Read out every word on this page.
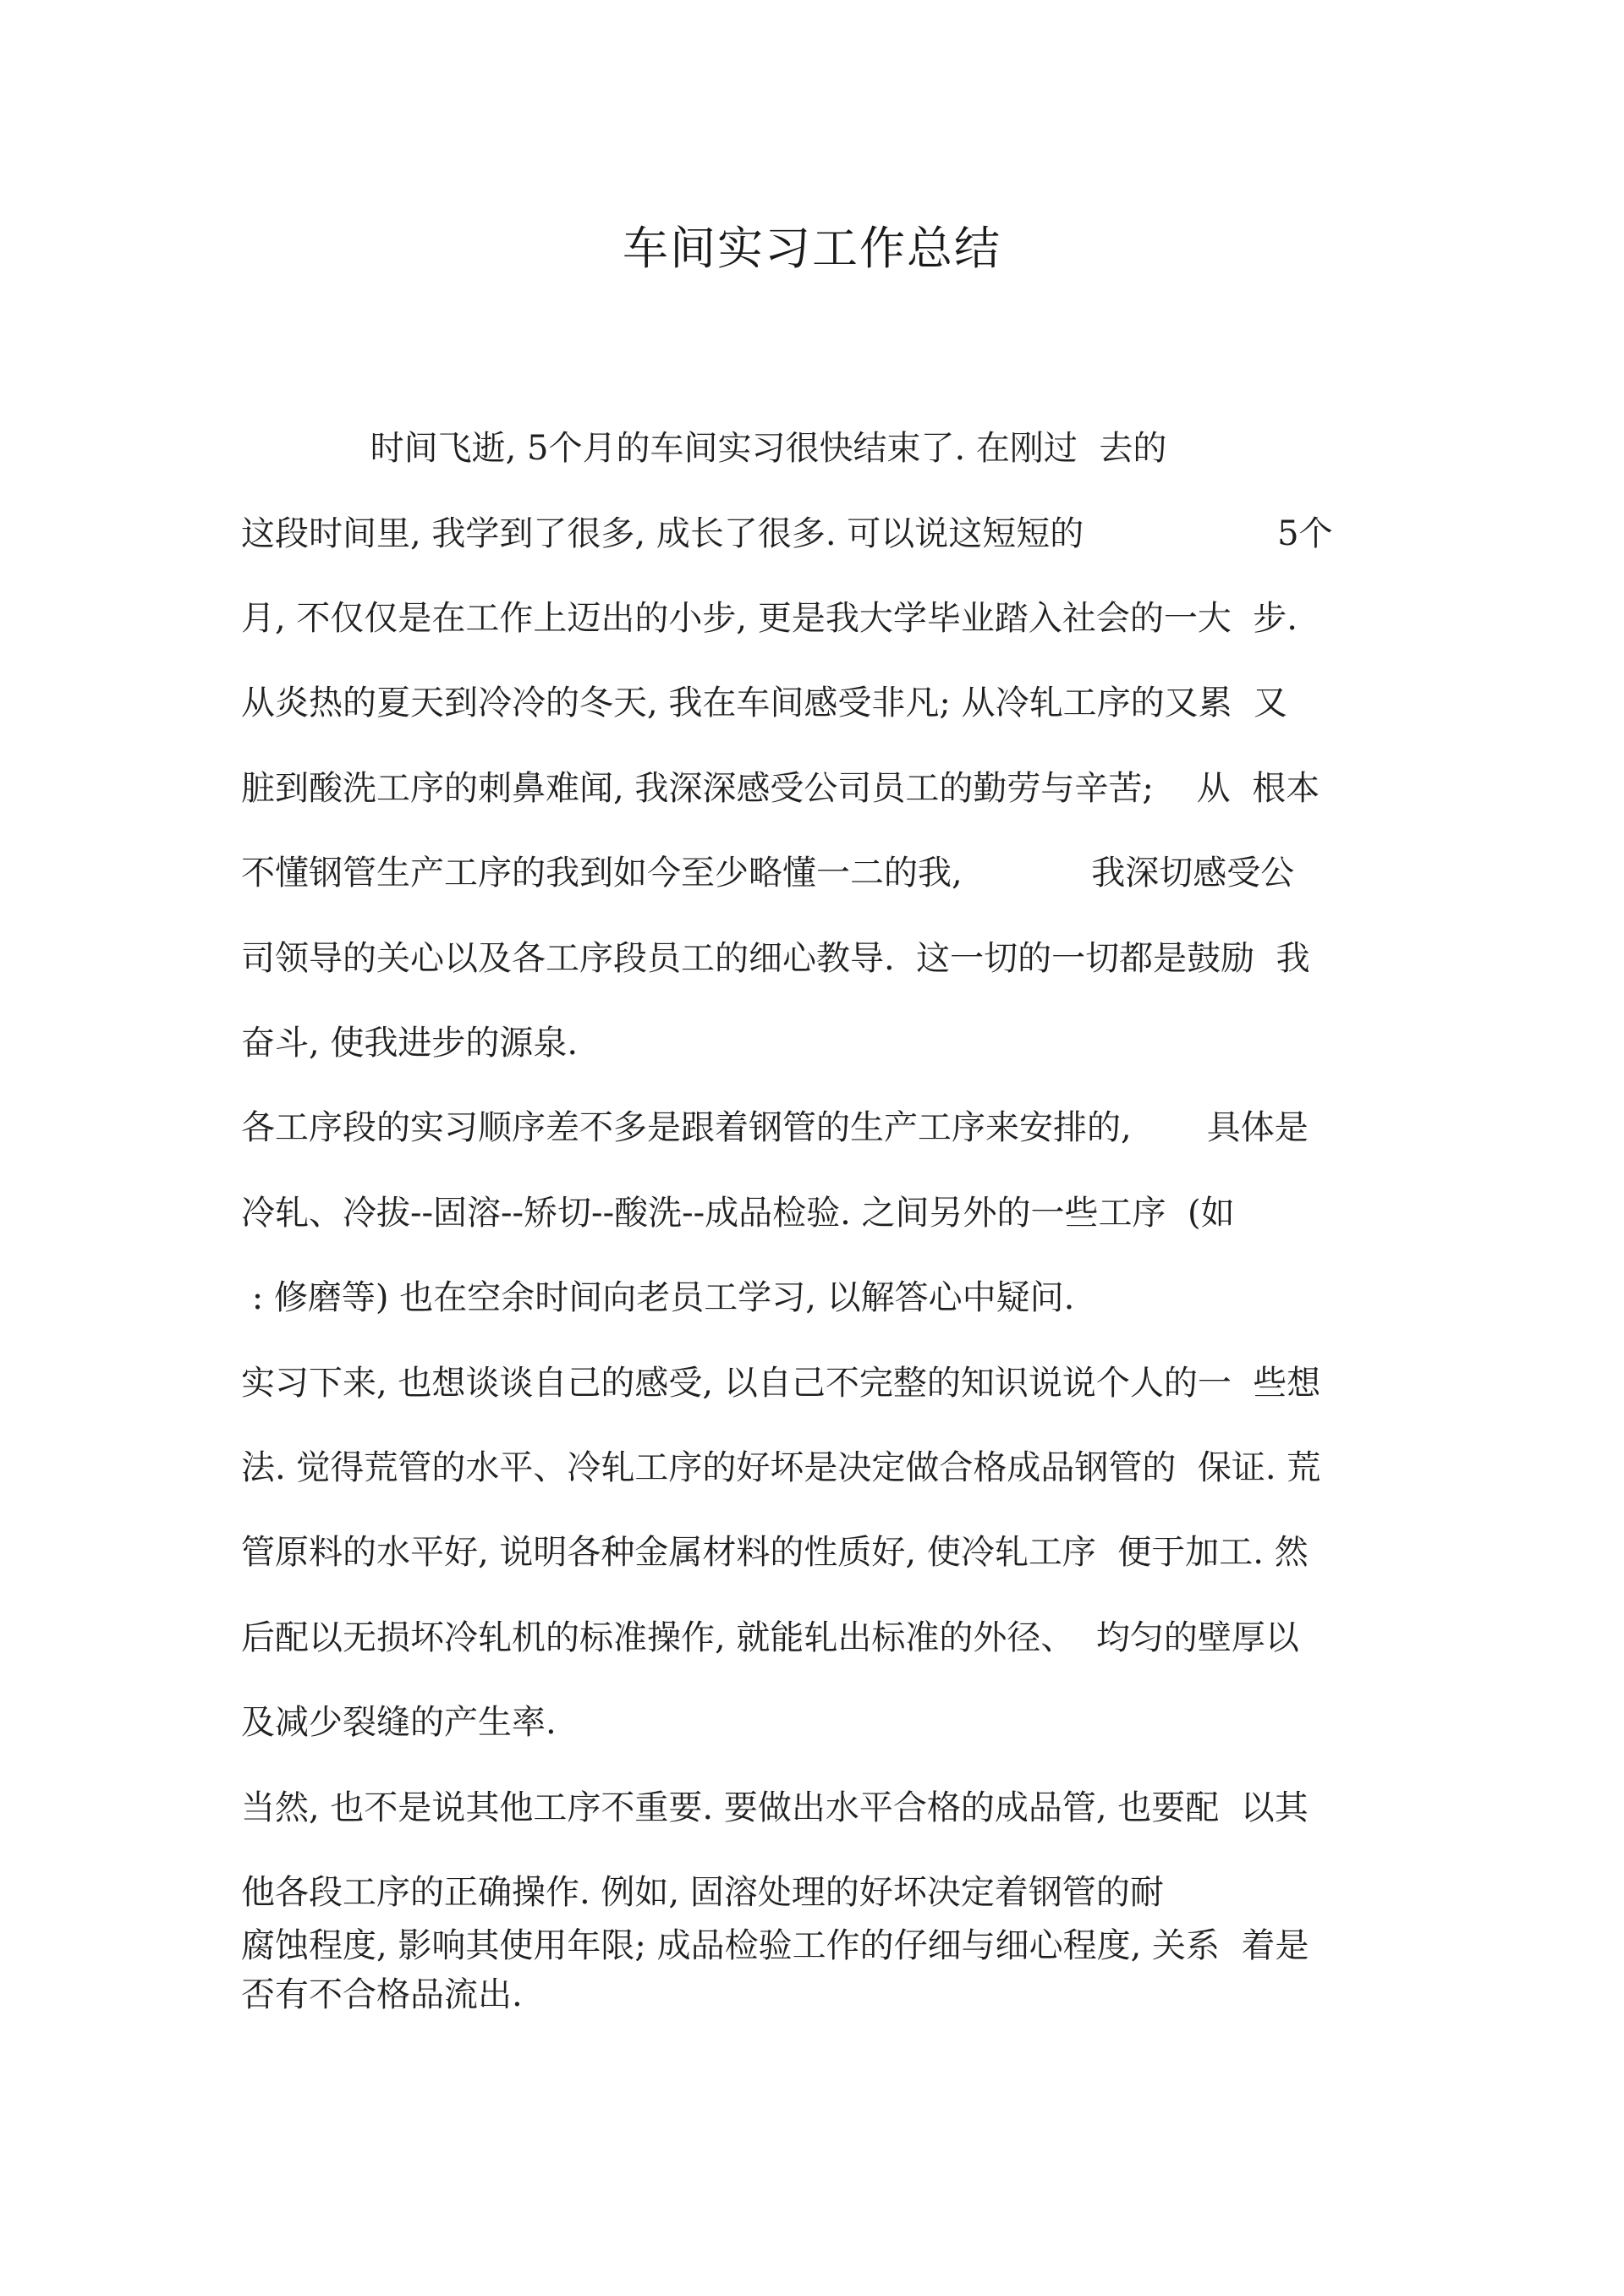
车间实习工作总结
时间飞逝, 5个月的车间实习很快结束了. 在刚过  去的
这段时间里, 我学到了很多, 成长了很多. 可以说这短短的                  5个
月, 不仅仅是在工作上迈出的小步, 更是我大学毕业踏入社会的一大  步.
从炎热的夏天到冷冷的冬天, 我在车间感受非凡; 从冷轧工序的又累  又
脏到酸洗工序的刺鼻难闻, 我深深感受公司员工的勤劳与辛苦;    从  根本
不懂钢管生产工序的我到如今至少略懂一二的我,            我深切感受公
司领导的关心以及各工序段员工的细心教导.  这一切的一切都是鼓励  我
奋斗, 使我进步的源泉.
各工序段的实习顺序差不多是跟着钢管的生产工序来安排的,       具体是
冷轧、冷拔--固溶--矫切--酸洗--成品检验. 之间另外的一些工序  (如
: 修磨等) 也在空余时间向老员工学习, 以解答心中疑问.
实习下来, 也想谈谈自己的感受, 以自己不完整的知识说说个人的一  些想
法. 觉得荒管的水平、冷轧工序的好坏是决定做合格成品钢管的  保证. 荒
管原料的水平好, 说明各种金属材料的性质好, 使冷轧工序  便于加工. 然
后配以无损坏冷轧机的标准操作, 就能轧出标准的外径、  均匀的壁厚以
及减少裂缝的产生率.
当然, 也不是说其他工序不重要. 要做出水平合格的成品管, 也要配  以其
他各段工序的正确操作. 例如, 固溶处理的好坏决定着钢管的耐
腐蚀程度, 影响其使用年限; 成品检验工作的仔细与细心程度, 关系  着是
否有不合格品流出.
